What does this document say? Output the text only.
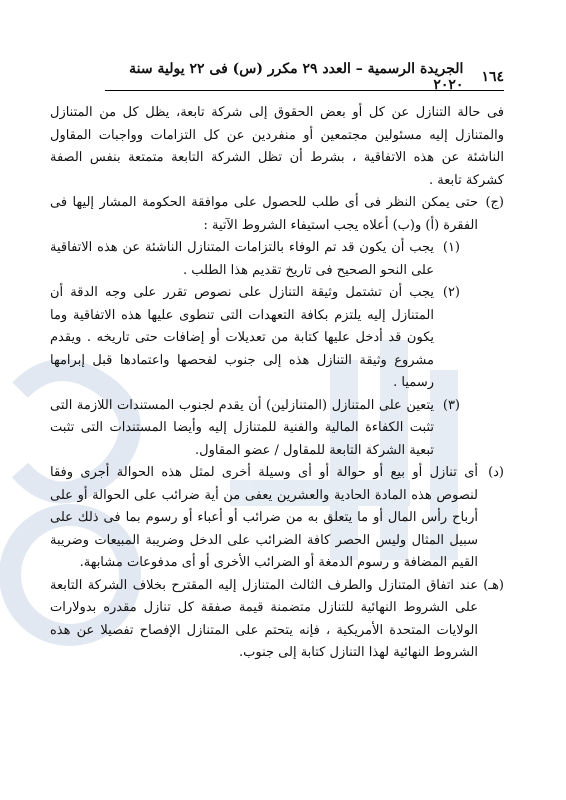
١٦٤
الجريدة الرسمية – العدد ٢٩ مكرر (س) فى ٢٢ يولية سنة ٢٠٢٠

فى حالة التنازل عن كل أو بعض الحقوق إلى شركة تابعة، يظل كل من المتنازل والمتنازل إليه مسئولين مجتمعين أو منفردين عن كل التزامات وواجبات المقاول الناشئة عن هذه الاتفاقية ، بشرط أن تظل الشركة التابعة متمتعة بنفس الصفة كشركة تابعة .

(ج)

حتى يمكن النظر فى أى طلب للحصول على موافقة الحكومة المشار إليها فى الفقرة (أ) و(ب) أعلاه يجب استيفاء الشروط الآتية :

(١)

يجب أن يكون قد تم الوفاء بالتزامات المتنازل الناشئة عن هذه الاتفاقية على النحو الصحيح فى تاريخ تقديم هذا الطلب .

(٢)

يجب أن تشتمل وثيقة التنازل على نصوص تقرر على وجه الدقة أن المتنازل إليه يلتزم بكافة التعهدات التى تنطوى عليها هذه الاتفاقية وما يكون قد أدخل عليها كتابة من تعديلات أو إضافات حتى تاريخه . ويقدم مشروع وثيقة التنازل هذه إلى جنوب لفحصها واعتمادها قبل إبرامها رسميا .

(٣)

يتعين على المتنازل (المتنازلين) أن يقدم لجنوب المستندات اللازمة التى تثبت الكفاءة المالية والفنية للمتنازل إليه وأيضا المستندات التى تثبت تبعية الشركة التابعة للمقاول / عضو المقاول.

(د)

أى تنازل أو بيع أو حوالة أو أى وسيلة أخرى لمثل هذه الحوالة أجرى وفقا لنصوص هذه المادة الحادية والعشرين يعفى من أية ضرائب على الحوالة أو على أرباح رأس المال أو ما يتعلق به من ضرائب أو أعباء أو رسوم بما فى ذلك على سبيل المثال وليس الحصر كافة الضرائب على الدخل وضريبة المبيعات وضريبة القيم المضافة و رسوم الدمغة أو الضرائب الأخرى أو أى مدفوعات مشابهة.

(هـ)

عند اتفاق المتنازل والطرف الثالث المتنازل إليه المقترح بخلاف الشركة التابعة على الشروط النهائية للتنازل متضمنة قيمة صفقة كل تنازل مقدره بدولارات الولايات المتحدة الأمريكية ، فإنه يتحتم على المتنازل الإفصاح تفصيلا عن هذه الشروط النهائية لهذا التنازل كتابة إلى جنوب.
